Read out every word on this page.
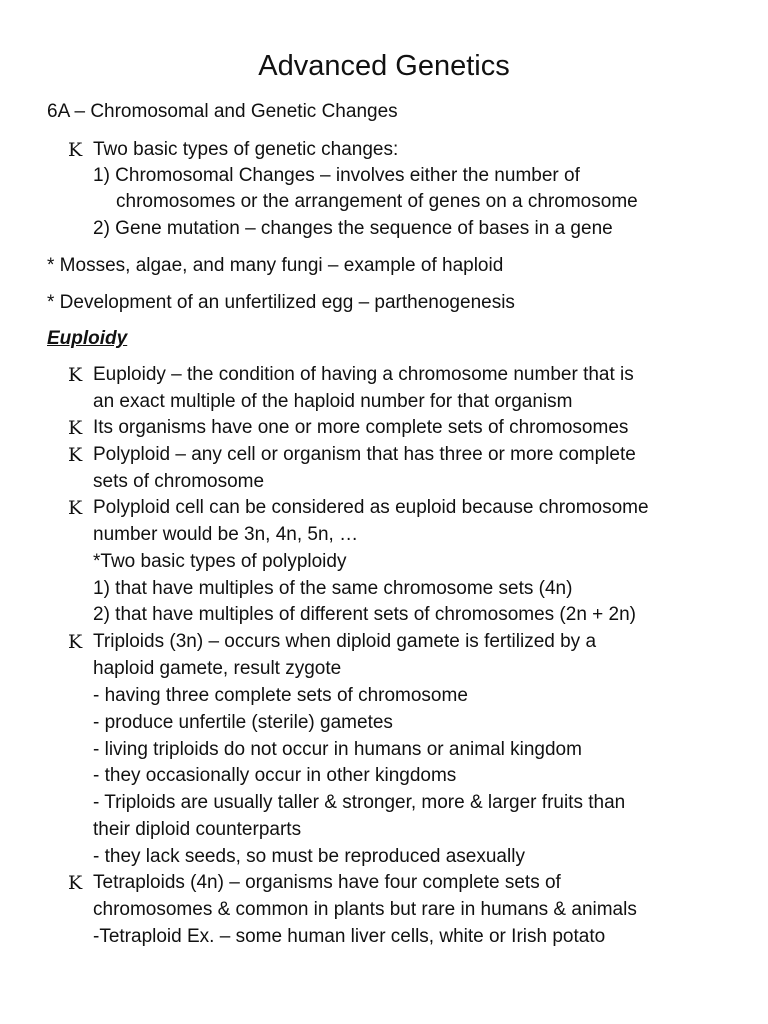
Advanced Genetics
6A – Chromosomal and Genetic Changes
K Two basic types of genetic changes:
1) Chromosomal Changes – involves either the number of
chromosomes or the arrangement of genes on a chromosome
2) Gene mutation – changes the sequence of bases in a gene
* Mosses, algae, and many fungi – example of haploid
* Development of an unfertilized egg – parthenogenesis
Euploidy
K Euploidy – the condition of having a chromosome number that is
an exact multiple of the haploid number for that organism
K Its organisms have one or more complete sets of chromosomes
K Polyploid – any cell or organism that has three or more complete
sets of chromosome
K Polyploid cell can be considered as euploid because chromosome
number would be 3n, 4n, 5n, …
*Two basic types of polyploidy
1) that have multiples of the same chromosome sets (4n)
2) that have multiples of different sets of chromosomes (2n + 2n)
K Triploids (3n) – occurs when diploid gamete is fertilized by a
haploid gamete, result zygote
- having three complete sets of chromosome
- produce unfertile (sterile) gametes
- living triploids do not occur in humans or animal kingdom
- they occasionally occur in other kingdoms
- Triploids are usually taller & stronger, more & larger fruits than
their diploid counterparts
- they lack seeds, so must be reproduced asexually
K Tetraploids (4n) – organisms have four complete sets of
chromosomes & common in plants but rare in humans & animals
-Tetraploid Ex. – some human liver cells, white or Irish potato
